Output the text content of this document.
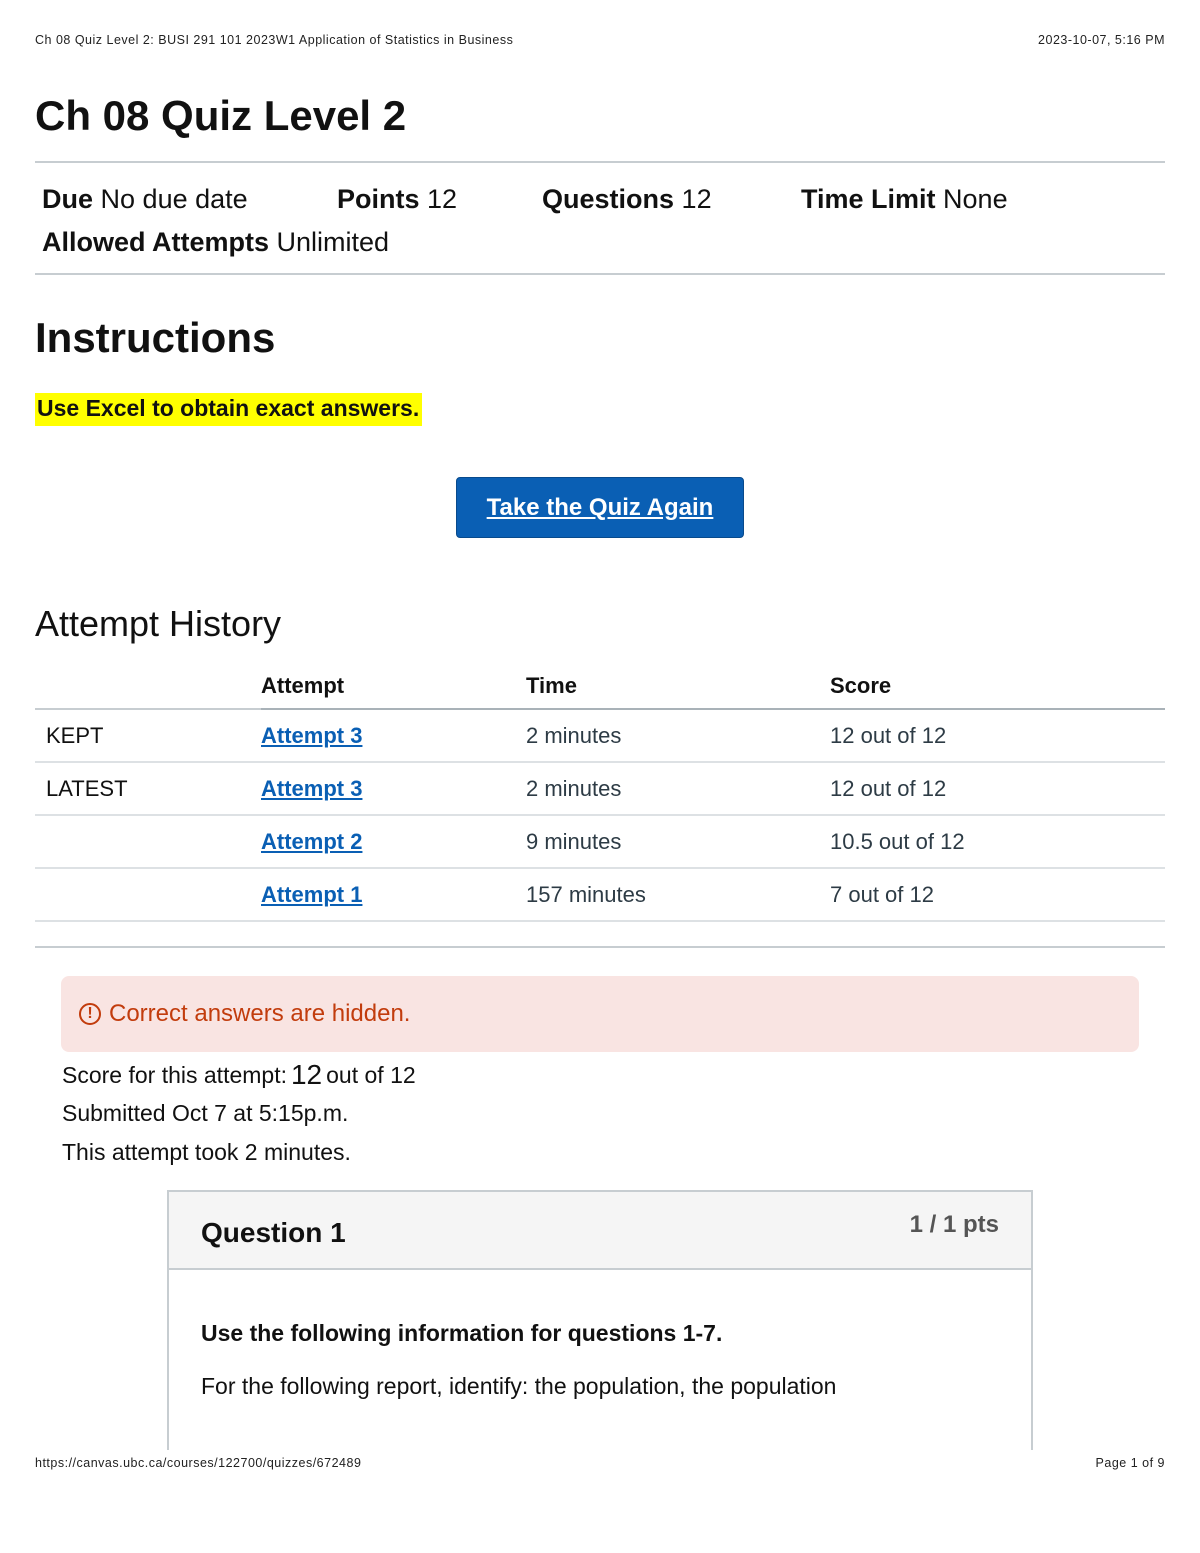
Ch 08 Quiz Level 2: BUSI 291 101 2023W1 Application of Statistics in Business	2023-10-07, 5:16 PM
Ch 08 Quiz Level 2
Due No due date	Points 12	Questions 12	Time Limit None
Allowed Attempts Unlimited
Instructions
Use Excel to obtain exact answers.
Take the Quiz Again
Attempt History
	Attempt	Time	Score
KEPT	Attempt 3	2 minutes	12 out of 12
LATEST	Attempt 3	2 minutes	12 out of 12
	Attempt 2	9 minutes	10.5 out of 12
	Attempt 1	157 minutes	7 out of 12
! Correct answers are hidden.
Score for this attempt: 12 out of 12
Submitted Oct 7 at 5:15p.m.
This attempt took 2 minutes.
Question 1	1 / 1 pts
Use the following information for questions 1-7.
For the following report, identify: the population, the population
https://canvas.ubc.ca/courses/122700/quizzes/672489	Page 1 of 9
